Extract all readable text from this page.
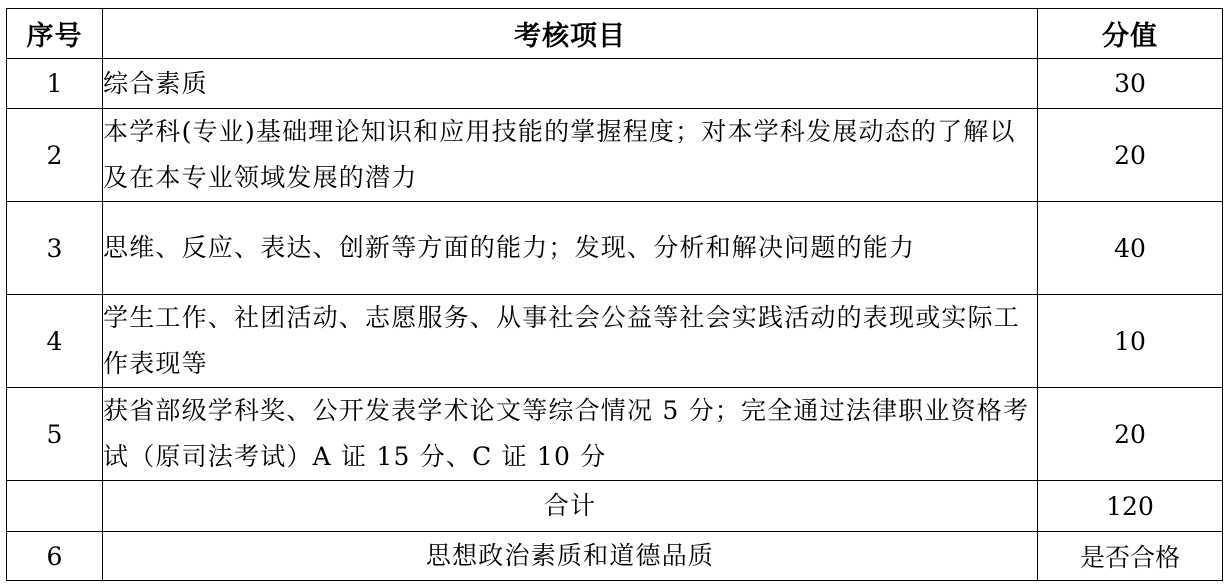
序号	考核项目	分值
1	综合素质	30
2	本学科(专业)基础理论知识和应用技能的掌握程度；对本学科发展动态的了解以及在本专业领域发展的潜力	20
3	思维、反应、表达、创新等方面的能力；发现、分析和解决问题的能力	40
4	学生工作、社团活动、志愿服务、从事社会公益等社会实践活动的表现或实际工作表现等	10
5	获省部级学科奖、公开发表学术论文等综合情况 5 分；完全通过法律职业资格考试（原司法考试）A 证 15 分、C 证 10 分	20
	合计	120
6	思想政治素质和道德品质	是否合格
